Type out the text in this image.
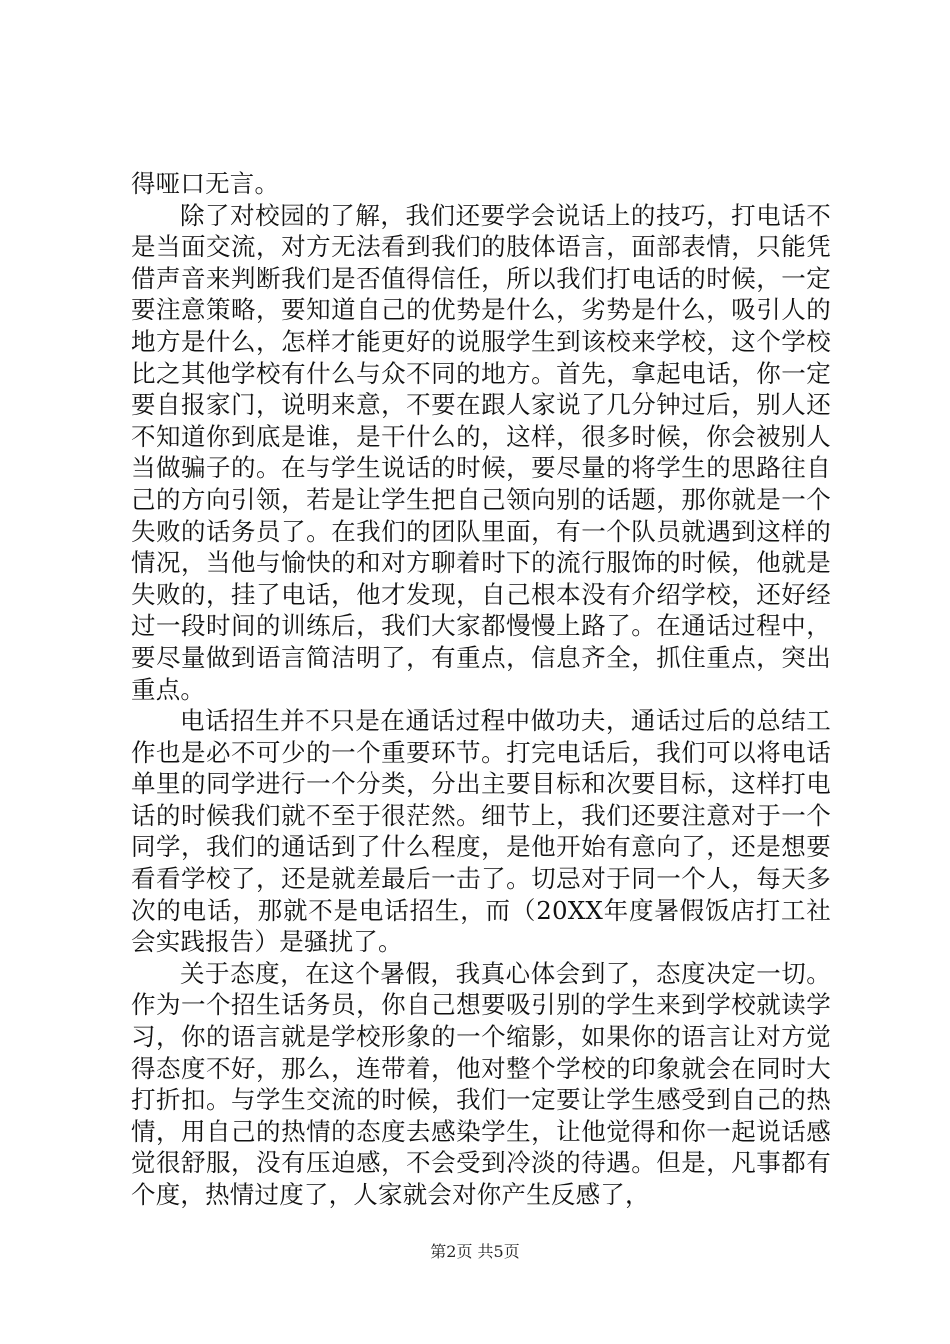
得哑口无言。

除了对校园的了解，我们还要学会说话上的技巧，打电话不是当面交流，对方无法看到我们的肢体语言，面部表情，只能凭借声音来判断我们是否值得信任，所以我们打电话的时候，一定要注意策略，要知道自己的优势是什么，劣势是什么，吸引人的地方是什么，怎样才能更好的说服学生到该校来学校，这个学校比之其他学校有什么与众不同的地方。首先，拿起电话，你一定要自报家门，说明来意，不要在跟人家说了几分钟过后，别人还不知道你到底是谁，是干什么的，这样，很多时候，你会被别人当做骗子的。在与学生说话的时候，要尽量的将学生的思路往自己的方向引领，若是让学生把自己领向别的话题，那你就是一个失败的话务员了。在我们的团队里面，有一个队员就遇到这样的情况，当他与愉快的和对方聊着时下的流行服饰的时候，他就是失败的，挂了电话，他才发现，自己根本没有介绍学校，还好经过一段时间的训练后，我们大家都慢慢上路了。在通话过程中，要尽量做到语言简洁明了，有重点，信息齐全，抓住重点，突出重点。

电话招生并不只是在通话过程中做功夫，通话过后的总结工作也是必不可少的一个重要环节。打完电话后，我们可以将电话单里的同学进行一个分类，分出主要目标和次要目标，这样打电话的时候我们就不至于很茫然。细节上，我们还要注意对于一个同学，我们的通话到了什么程度，是他开始有意向了，还是想要看看学校了，还是就差最后一击了。切忌对于同一个人，每天多次的电话，那就不是电话招生，而（20XX年度暑假饭店打工社会实践报告）是骚扰了。

关于态度，在这个暑假，我真心体会到了，态度决定一切。作为一个招生话务员，你自己想要吸引别的学生来到学校就读学习，你的语言就是学校形象的一个缩影，如果你的语言让对方觉得态度不好，那么，连带着，他对整个学校的印象就会在同时大打折扣。与学生交流的时候，我们一定要让学生感受到自己的热情，用自己的热情的态度去感染学生，让他觉得和你一起说话感觉很舒服，没有压迫感，不会受到冷淡的待遇。但是，凡事都有个度，热情过度了，人家就会对你产生反感了，

第2页 共5页
